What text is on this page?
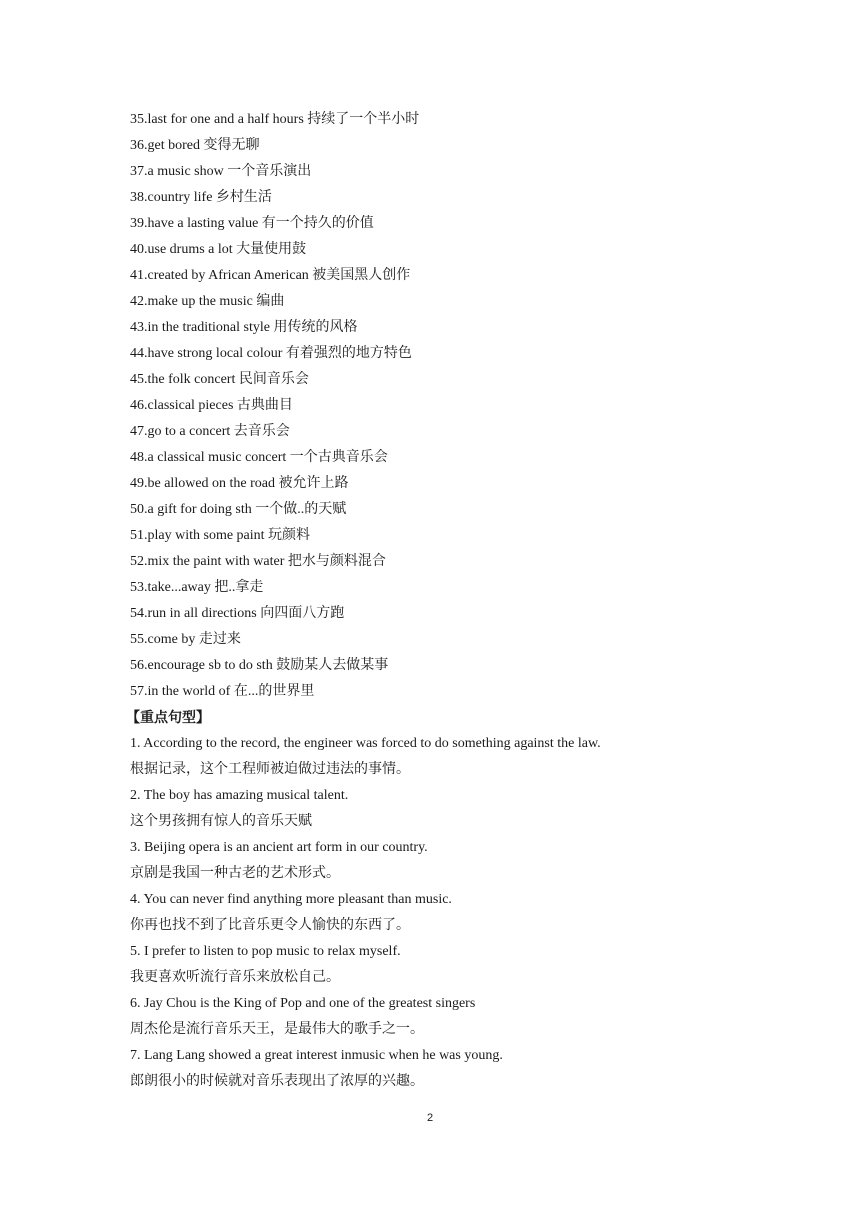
35.last for one and a half hours 持续了一个半小时
36.get bored 变得无聊
37.a music show 一个音乐演出
38.country life 乡村生活
39.have a lasting value 有一个持久的价值
40.use drums a lot 大量使用鼓
41.created by African American 被美国黑人创作
42.make up the music 编曲
43.in the traditional style 用传统的风格
44.have strong local colour 有着强烈的地方特色
45.the folk concert 民间音乐会
46.classical pieces 古典曲目
47.go to a concert 去音乐会
48.a classical music concert 一个古典音乐会
49.be allowed on the road 被允许上路
50.a gift for doing sth 一个做..的天赋
51.play with some paint 玩颜料
52.mix the paint with water 把水与颜料混合
53.take...away 把..拿走
54.run in all directions 向四面八方跑
55.come by 走过来
56.encourage sb to do sth 鼓励某人去做某事
57.in the world of 在...的世界里
【重点句型】
1. According to the record, the engineer was forced to do something against the law.
根据记录，这个工程师被迫做过违法的事情。
2. The boy has amazing musical talent.
这个男孩拥有惊人的音乐天赋
3. Beijing opera is an ancient art form in our country.
京剧是我国一种古老的艺术形式。
4. You can never find anything more pleasant than music.
你再也找不到了比音乐更令人愉快的东西了。
5. I prefer to listen to pop music to relax myself.
我更喜欢听流行音乐来放松自己。
6. Jay Chou is the King of Pop and one of the greatest singers
周杰伦是流行音乐天王，是最伟大的歌手之一。
7. Lang Lang showed a great interest inmusic when he was young.
郎朗很小的时候就对音乐表现出了浓厚的兴趣。
2
